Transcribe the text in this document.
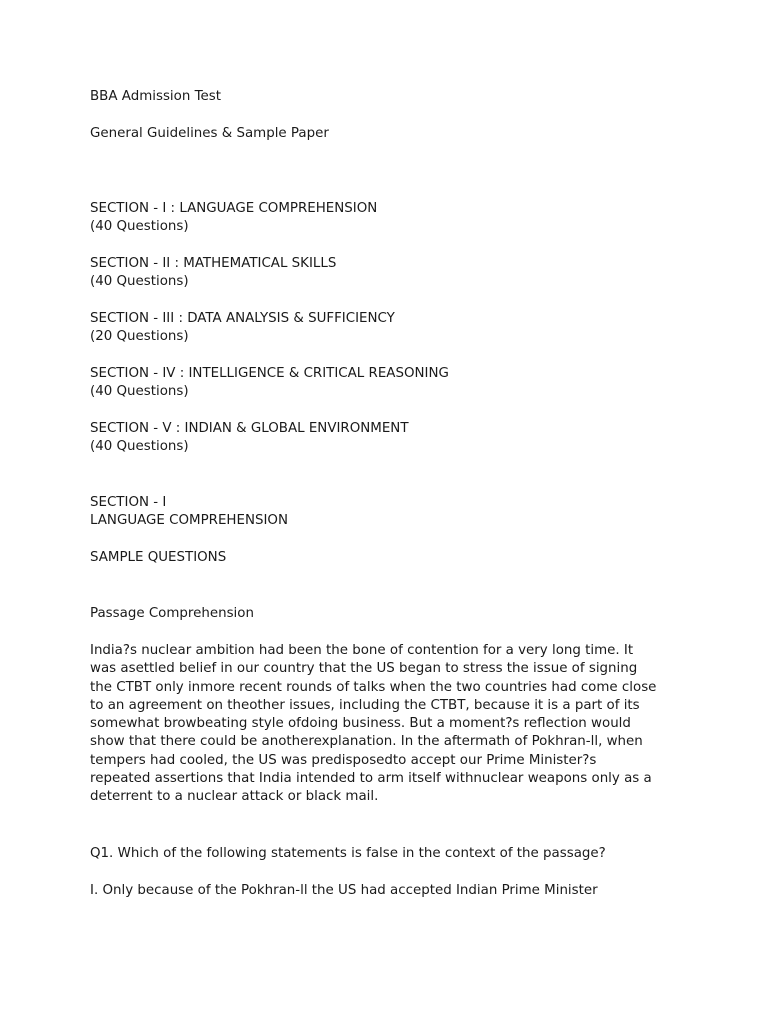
BBA Admission Test

General Guidelines & Sample Paper

SECTION - I : LANGUAGE COMPREHENSION

(40 Questions)

SECTION - II : MATHEMATICAL SKILLS

(40 Questions)

SECTION - III : DATA ANALYSIS & SUFFICIENCY

(20 Questions)

SECTION - IV : INTELLIGENCE & CRITICAL REASONING

(40 Questions)

SECTION - V : INDIAN & GLOBAL ENVIRONMENT

(40 Questions)

SECTION - I

LANGUAGE COMPREHENSION

SAMPLE QUESTIONS

Passage Comprehension

India?s nuclear ambition had been the bone of contention for a very long time. It
was asettled belief in our country that the US began to stress the issue of signing
the CTBT only inmore recent rounds of talks when the two countries had come close
to an agreement on theother issues, including the CTBT, because it is a part of its
somewhat browbeating style ofdoing business. But a moment?s reflection would
show that there could be anotherexplanation. In the aftermath of Pokhran-ll, when
tempers had cooled, the US was predisposedto accept our Prime Minister?s
repeated assertions that India intended to arm itself withnuclear weapons only as a
deterrent to a nuclear attack or black mail.

Q1. Which of the following statements is false in the context of the passage?

I. Only because of the Pokhran-ll the US had accepted Indian Prime Minister
